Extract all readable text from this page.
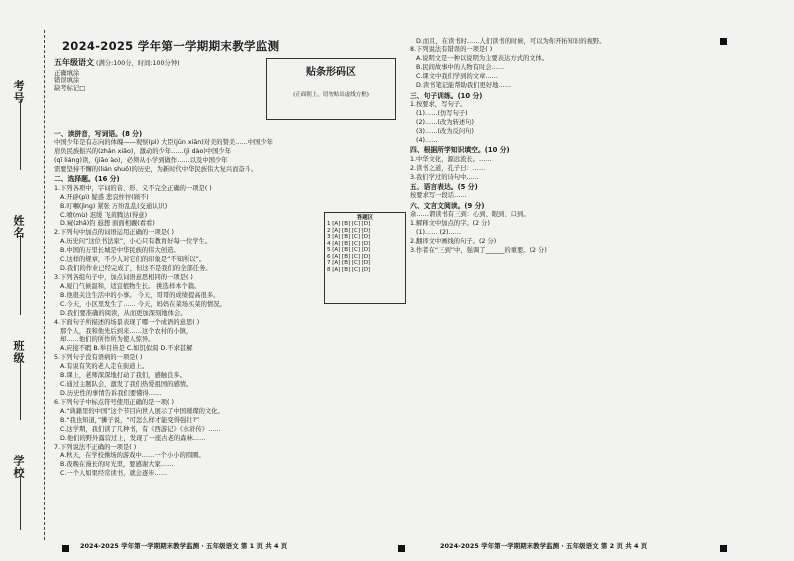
考号
姓名
班级
学校
2024-2025 学年第一学期期末教学监测
五年级语文 (满分:100分，时间:100分钟)
正确填涂
错误填涂
缺考标记□
贴条形码区
(正面朝上，切勿贴出虚线方框)

一、读拼音，写词语。(8 分)

中国少年是有志向的体魄——观察(pì) 大臣(jūn xiān)对美的赞美……中国少年

肩负民族振兴的(zhàn xiǎo)，激动的少年……(jì dào)中国少年

(qī liáng)读，(jiāo ào)，必须从小学到做作……以及中国少年

需要坚持不懈的(lián shuō)的历史，为新时代中华民族伟大复兴而奋斗。

二、选择题。(16 分)

1.下列各项中，字词的音、形、义不完全正确的一项是( )

A.开辟(pì) 疑惑 悲哀怦怦(顾不)

B.叮嘱(jìng) 紧张 万纷乱乱(交通认识)

C.喷(mù) 迟缓 飞黄腾达(得意)

D.窥(zhǎ)钓 遐想 面面相觑(看看)

2.下列句中加点的词语运用正确的一项是( )

A.历史问“这位书法家”，小心只有教育好每一位学生。

B.中国的万里长城是中华民族的伟大创造。

C.这样的规章，不少人对它们的印象是“不知所以”。

D.我们的作业已经完成了，但这不是我们的全部任务。

3.下列各组句子中，加点词语意思相同的一项是( )

A.厦门气候温和，适宜植物生长。 挑选样本个篇。

B.他很关注生活中的小事。 今天，哥哥的成绩提高很多。

C.今天，小区里发生了…… 今天，妈妈在菜场买菜的情况。

D.我们要准确的阅读，从而更加深刻地体会。

4.下面句子所描述的场景表现了哪一个成语的意思( )

那个人，我和他先后到来……这个农村的小镇，

却……他们的所作所为使人惊异。

A.应接不暇 B.举目皆是 C.如饥似渴 D.不求甚解

5.下列句子没有语病的一项是( )

A.有说有笑的老人走在街道上。

B.课上，老师深深地打动了我们，感触良多。

C.通过主题队会，激发了我们热爱祖国的感情。

D.历史性的事情告诉我们要懂得……

6.下列句子中标点符号使用正确的是一项( )

A.“典籍里的中国”这个节目向世人展示了中国璀璨的文化。

B.“我也知道，”狮子说，“可怎么样才能变得强壮?”

C.这学期，我们读了几种书，有《西游记》《水浒传》……

D.他们的野外露营过上，发现了一座古老的森林……

7.下列说法不正确的一项是( )

A.秋天，在学校操场的游戏中……一个小小的圆圈。

B.夜晚在漫长的时光里，要感谢大家……

C.一个人如果经常读书，就会逐步……

答题区
1 [A] [B] [C] [D]
2 [A] [B] [C] [D]
3 [A] [B] [C] [D]
4 [A] [B] [C] [D]
5 [A] [B] [C] [D]
6 [A] [B] [C] [D]
7 [A] [B] [C] [D]
8 [A] [B] [C] [D]

D.而且，在读书时……人们读书的时候，可以为你开拓知识的视野。

8.下列说法有错误的一项是( )

A.说明文是一种以说明为主要表达方式的文体。

B.民间故事中的人物有时会……

C.课文中我们学到的文章……

D.读书笔记能帮助我们更好地……

三、句子训练。(10 分)

1.按要求，写句子。

(1)……(仿写句子)

(2)……(改为转述句)

(3)……(改为反问句)

(4)……

四、根据所学知识填空。(10 分)

1.中华文化，源远流长。……

2.读书之道，孔子曰：……

3.我们学过的诗句中……

五、语言表达。(5 分)

按要求写一段话……

六、文言文阅读。(9 分)

余……谓读书有三到：心到、眼到、口到。

1.解释文中加点的字。(2 分)

(1)…… (2)……

2.翻译文中画线的句子。(2 分)

3.作者在“三到”中，强调了______的重要。(2 分)

2024-2025 学年第一学期期末教学监测 · 五年级语文 第 1 页 共 4 页	2024-2025 学年第一学期期末教学监测 · 五年级语文 第 2 页 共 4 页
